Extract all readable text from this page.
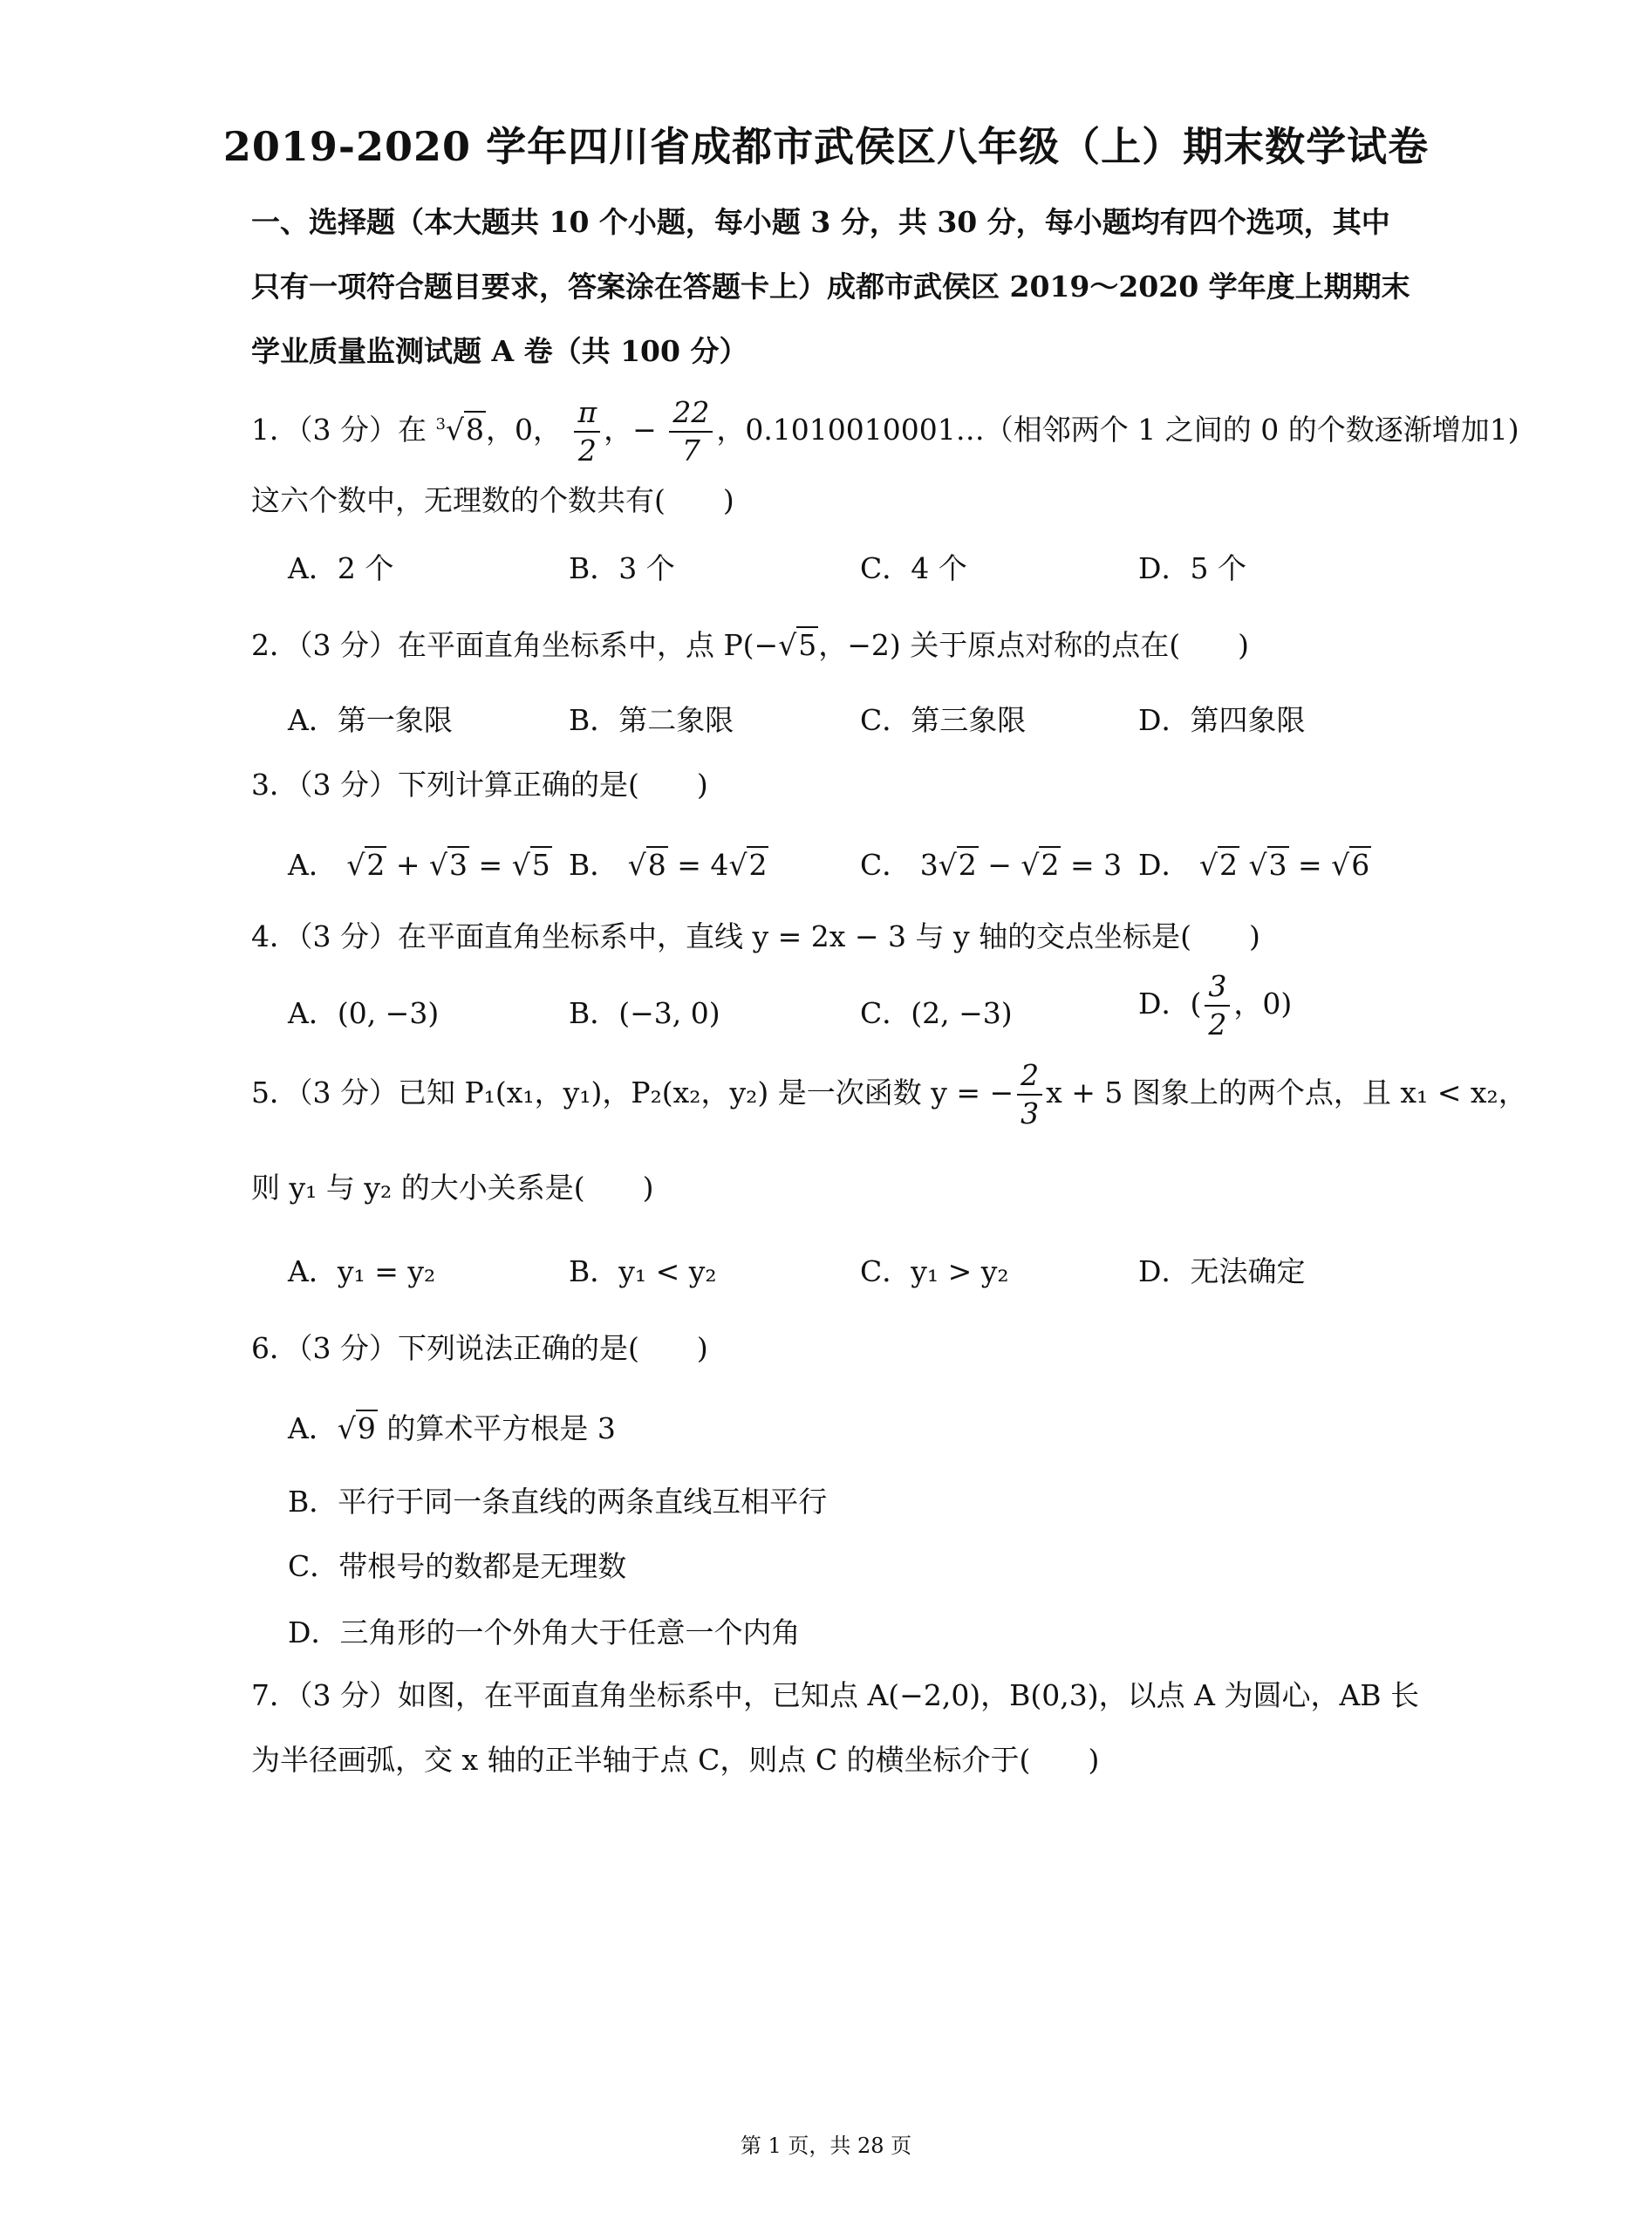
2019-2020 学年四川省成都市武侯区八年级（上）期末数学试卷
一、选择题（本大题共 10 个小题，每小题 3 分，共 30 分，每小题均有四个选项，其中只有一项符合题目要求，答案涂在答题卡上）成都市武侯区 2019～2020 学年度上期期末学业质量监测试题 A 卷（共 100 分）
1．（3 分）在 $^3$√8，0， $\frac{\pi}{2}$ ，− $\frac{22}{7}$ ，0.1010010001…（相邻两个 1 之间的 0 的个数逐渐增加1)
这六个数中，无理数的个数共有( )
A．2 个	B．3 个	C．4 个	D．5 个
2．（3 分）在平面直角坐标系中，点 P(−√5，−2) 关于原点对称的点在( )
A．第一象限	B．第二象限	C．第三象限	D．第四象限
3．（3 分）下列计算正确的是( )
A． √2 + √3 = √5 B． √8 = 4√2	C． 3√2 − √2 = 3 D． √2 √3 = √6
4．（3 分）在平面直角坐标系中，直线 y = 2x − 3 与 y 轴的交点坐标是( )
A．(0, −3)	B．(−3, 0)	C．(2, −3)	D．( $\frac{3}{2}$ ，0)
5．（3 分）已知 P₁(x₁，y₁)，P₂(x₂，y₂) 是一次函数 y = − $\frac{2}{3}$ x + 5 图象上的两个点，且 x₁ < x₂，
则 y₁ 与 y₂ 的大小关系是( )
A．y₁ = y₂	B．y₁ < y₂	C．y₁ > y₂	D．无法确定
6．（3 分）下列说法正确的是( )
A．√9 的算术平方根是 3
B．平行于同一条直线的两条直线互相平行
C．带根号的数都是无理数
D．三角形的一个外角大于任意一个内角
7．（3 分）如图，在平面直角坐标系中，已知点 A(−2,0)，B(0,3)，以点 A 为圆心，AB 长
为半径画弧，交 x 轴的正半轴于点 C，则点 C 的横坐标介于( )
第 1 页，共 28 页
